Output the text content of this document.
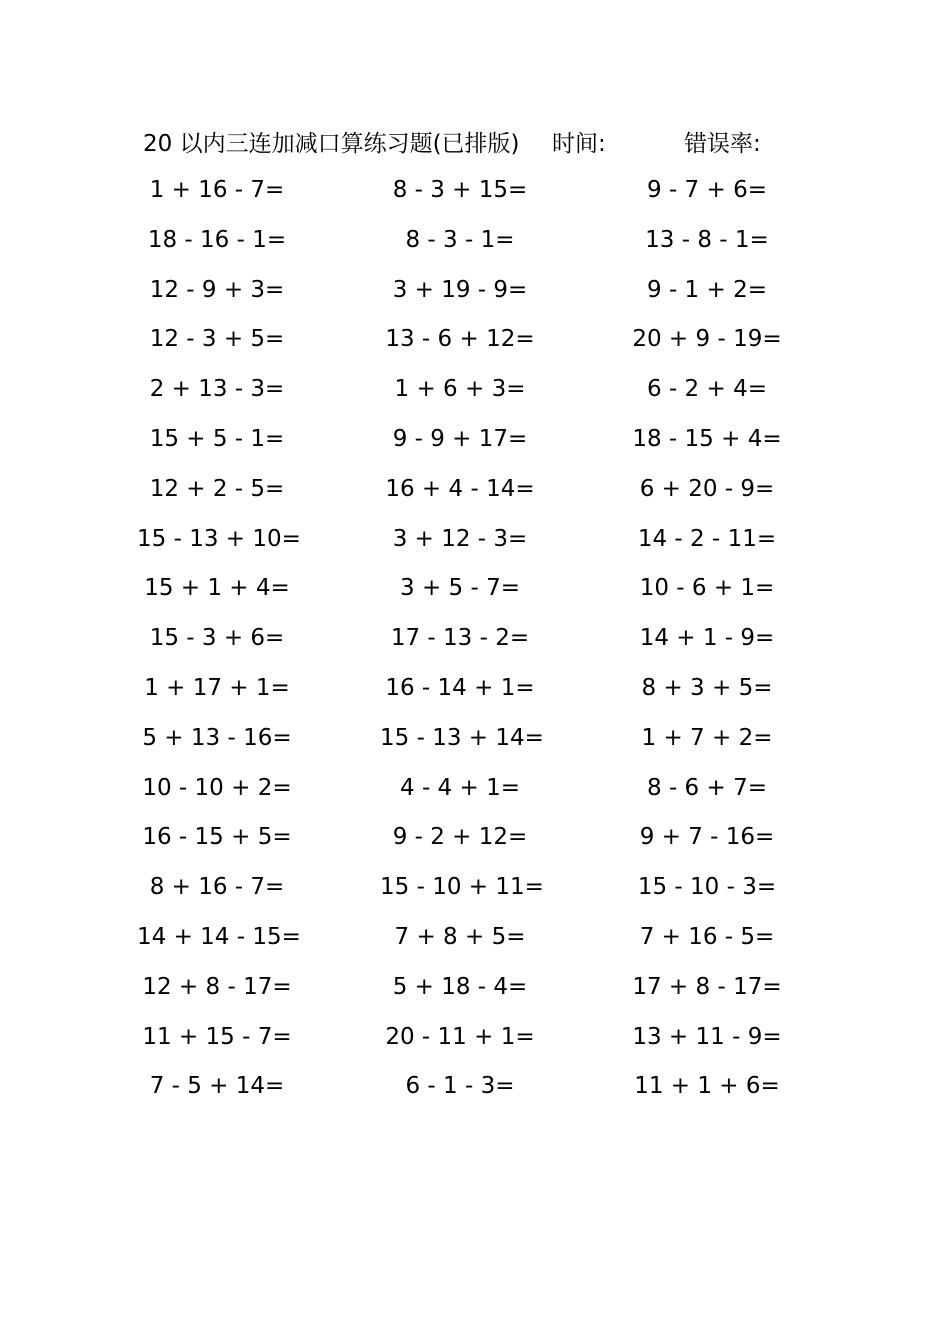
20 以内三连加减口算练习题(已排版) 时间:	错误率:
1 + 16 - 7=	8 - 3 + 15=	9 - 7 + 6=
18 - 16 - 1=	8 - 3 - 1=	13 - 8 - 1=
12 - 9 + 3=	3 + 19 - 9=	9 - 1 + 2=
12 - 3 + 5=	13 - 6 + 12=	20 + 9 - 19=
2 + 13 - 3=	1 + 6 + 3=	6 - 2 + 4=
15 + 5 - 1=	9 - 9 + 17=	18 - 15 + 4=
12 + 2 - 5=	16 + 4 - 14=	6 + 20 - 9=
15 - 13 + 10=	3 + 12 - 3=	14 - 2 - 11=
15 + 1 + 4=	3 + 5 - 7=	10 - 6 + 1=
15 - 3 + 6=	17 - 13 - 2=	14 + 1 - 9=
1 + 17 + 1=	16 - 14 + 1=	8 + 3 + 5=
5 + 13 - 16=	15 - 13 + 14=	1 + 7 + 2=
10 - 10 + 2=	4 - 4 + 1=	8 - 6 + 7=
16 - 15 + 5=	9 - 2 + 12=	9 + 7 - 16=
8 + 16 - 7=	15 - 10 + 11=	15 - 10 - 3=
14 + 14 - 15=	7 + 8 + 5=	7 + 16 - 5=
12 + 8 - 17=	5 + 18 - 4=	17 + 8 - 17=
11 + 15 - 7=	20 - 11 + 1=	13 + 11 - 9=
7 - 5 + 14=	6 - 1 - 3=	11 + 1 + 6=
